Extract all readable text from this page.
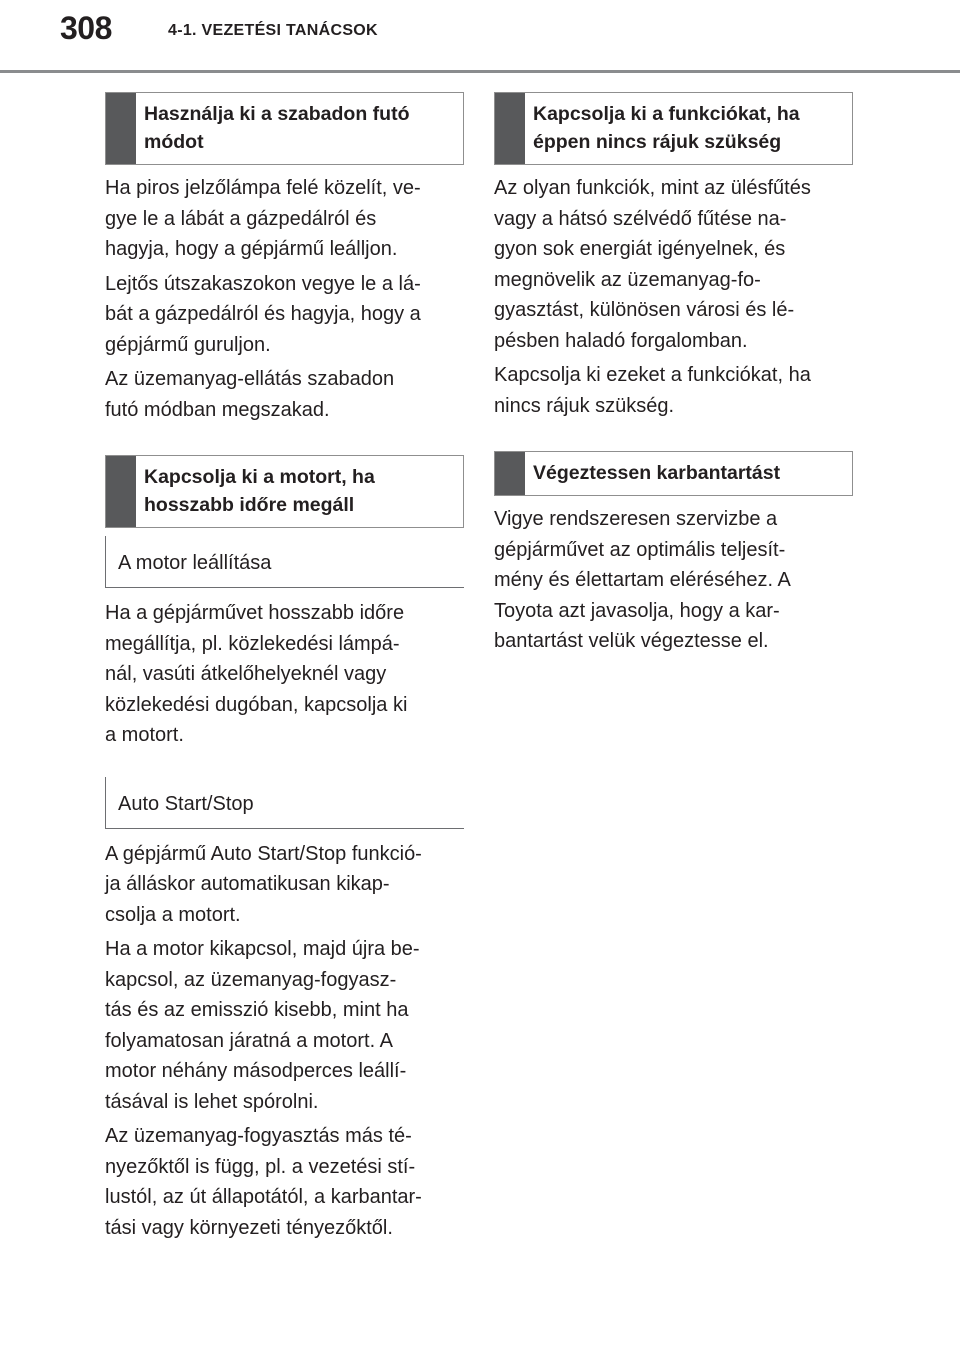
308	4-1. VEZETÉSI TANÁCSOK
Használja ki a szabadon futó módot

Ha piros jelzőlámpa felé közelít, ve-
gye le a lábát a gázpedálról és
hagyja, hogy a gépjármű leálljon.

Lejtős útszakaszokon vegye le a lá-
bát a gázpedálról és hagyja, hogy a
gépjármű guruljon.

Az üzemanyag-ellátás szabadon
futó módban megszakad.

Kapcsolja ki a motort, ha hosszabb időre megáll
A motor leállítása

Ha a gépjárművet hosszabb időre
megállítja, pl. közlekedési lámpá-
nál, vasúti átkelőhelyeknél vagy
közlekedési dugóban, kapcsolja ki
a motort.

Auto Start/Stop

A gépjármű Auto Start/Stop funkció-
ja álláskor automatikusan kikap-
csolja a motort.

Ha a motor kikapcsol, majd újra be-
kapcsol, az üzemanyag-fogyasz-
tás és az emisszió kisebb, mint ha
folyamatosan járatná a motort. A
motor néhány másodperces leállí-
tásával is lehet spórolni.

Az üzemanyag-fogyasztás más té-
nyezőktől is függ, pl. a vezetési stí-
lustól, az út állapotától, a karbantar-
tási vagy környezeti tényezőktől.

Kapcsolja ki a funkciókat, ha éppen nincs rájuk szükség

Az olyan funkciók, mint az ülésfűtés
vagy a hátsó szélvédő fűtése na-
gyon sok energiát igényelnek, és
megnövelik az üzemanyag-fo-
gyasztást, különösen városi és lé-
pésben haladó forgalomban.

Kapcsolja ki ezeket a funkciókat, ha
nincs rájuk szükség.

Végeztessen karbantartást

Vigye rendszeresen szervizbe a
gépjárművet az optimális teljesít-
mény és élettartam eléréséhez. A
Toyota azt javasolja, hogy a kar-
bantartást velük végeztesse el.
